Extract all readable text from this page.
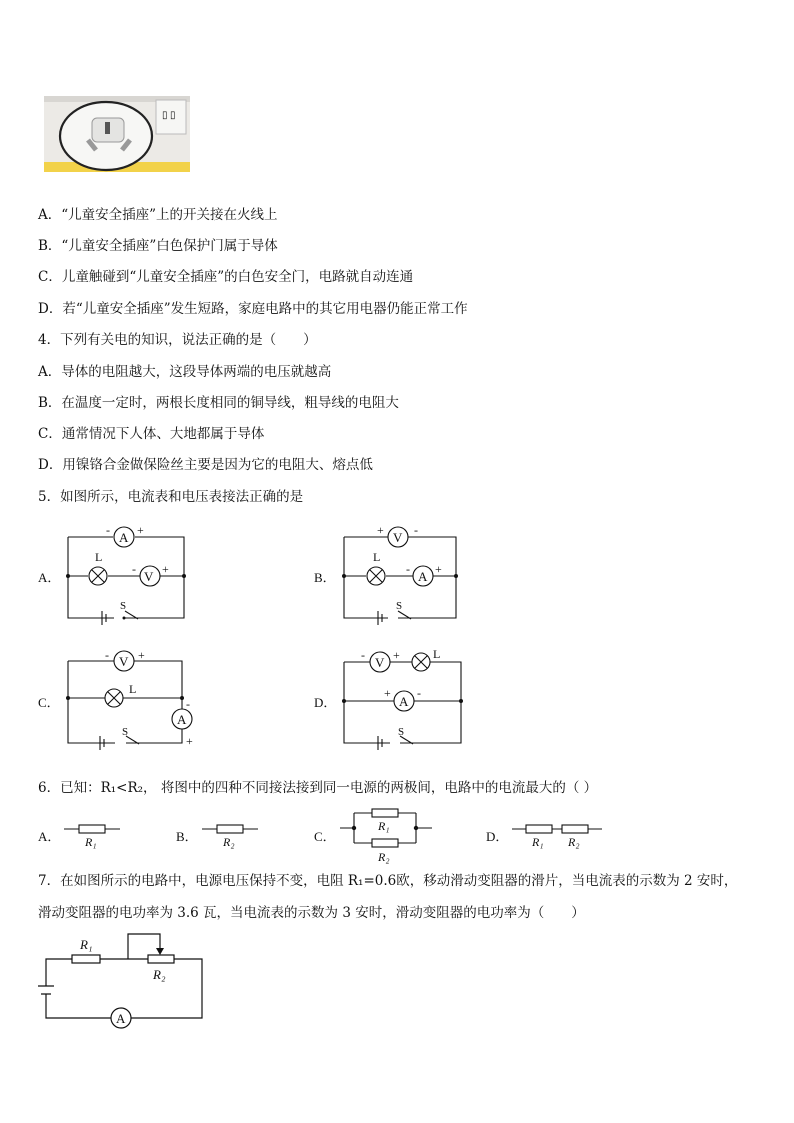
▯ ▯
A．“儿童安全插座”上的开关接在火线上
B．“儿童安全插座”白色保护门属于导体
C．儿童触碰到“儿童安全插座”的白色安全门，电路就自动连通
D．若“儿童安全插座”发生短路，家庭电路中的其它用电器仍能正常工作
4．下列有关电的知识，说法正确的是（　　）
A．导体的电阻越大，这段导体两端的电压就越高
B．在温度一定时，两根长度相同的铜导线，粗导线的电阻大
C．通常情况下人体、大地都属于导体
D．用镍铬合金做保险丝主要是因为它的电阻大、熔点低
5．如图所示，电流表和电压表接法正确的是
A．
A
V
L
S
- +
- +
B．
V
A
L
S
+	-
- +
C．
V
A
L
S
- +
-
+
D．
V
A
L
S
- +
+ -
6．已知：R₁<R₂， 将图中的四种不同接法接到同一电源的两极间，电路中的电流最大的（ ）
A． R₁	B． R₂	C．
R₁
R₂
D． R₁ R₂
7．在如图所示的电路中，电源电压保持不变，电阻 R₁=0.6欧，移动滑动变阻器的滑片，当电流表的示数为 2 安时，
滑动变阻器的电功率为 3.6 瓦，当电流表的示数为 3 安时，滑动变阻器的电功率为（　　）
R₁
R₂
A
